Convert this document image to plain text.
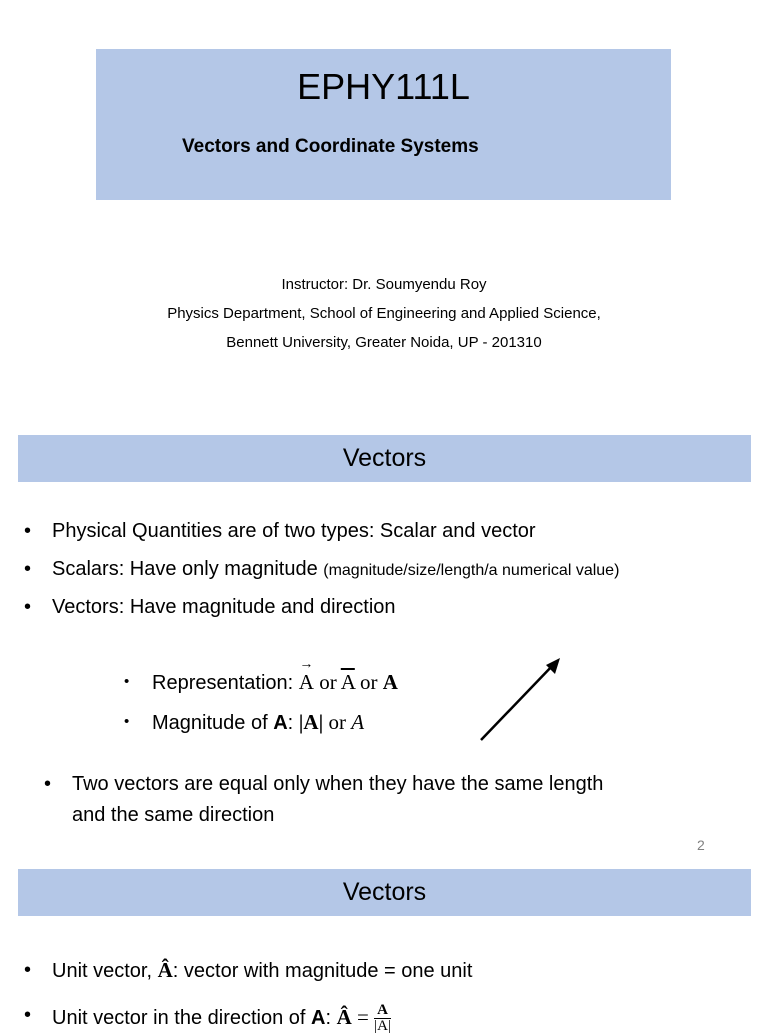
EPHY111L
Vectors and Coordinate Systems
Instructor: Dr. Soumyendu Roy
Physics Department, School of Engineering and Applied Science,
Bennett University, Greater Noida, UP - 201310
Vectors
• Physical Quantities are of two types: Scalar and vector
• Scalars: Have only magnitude (magnitude/size/length/a numerical value)
• Vectors: Have magnitude and direction
• Representation:
→
A or $\overline{A}$ or A
• Magnitude of A: |A| or A
• Two vectors are equal only when they have the same length
and the same direction
2
Vectors
• Unit vector, Â: vector with magnitude = one unit
• Unit vector in the direction of A: Â = $\frac{A}{|A|}$
